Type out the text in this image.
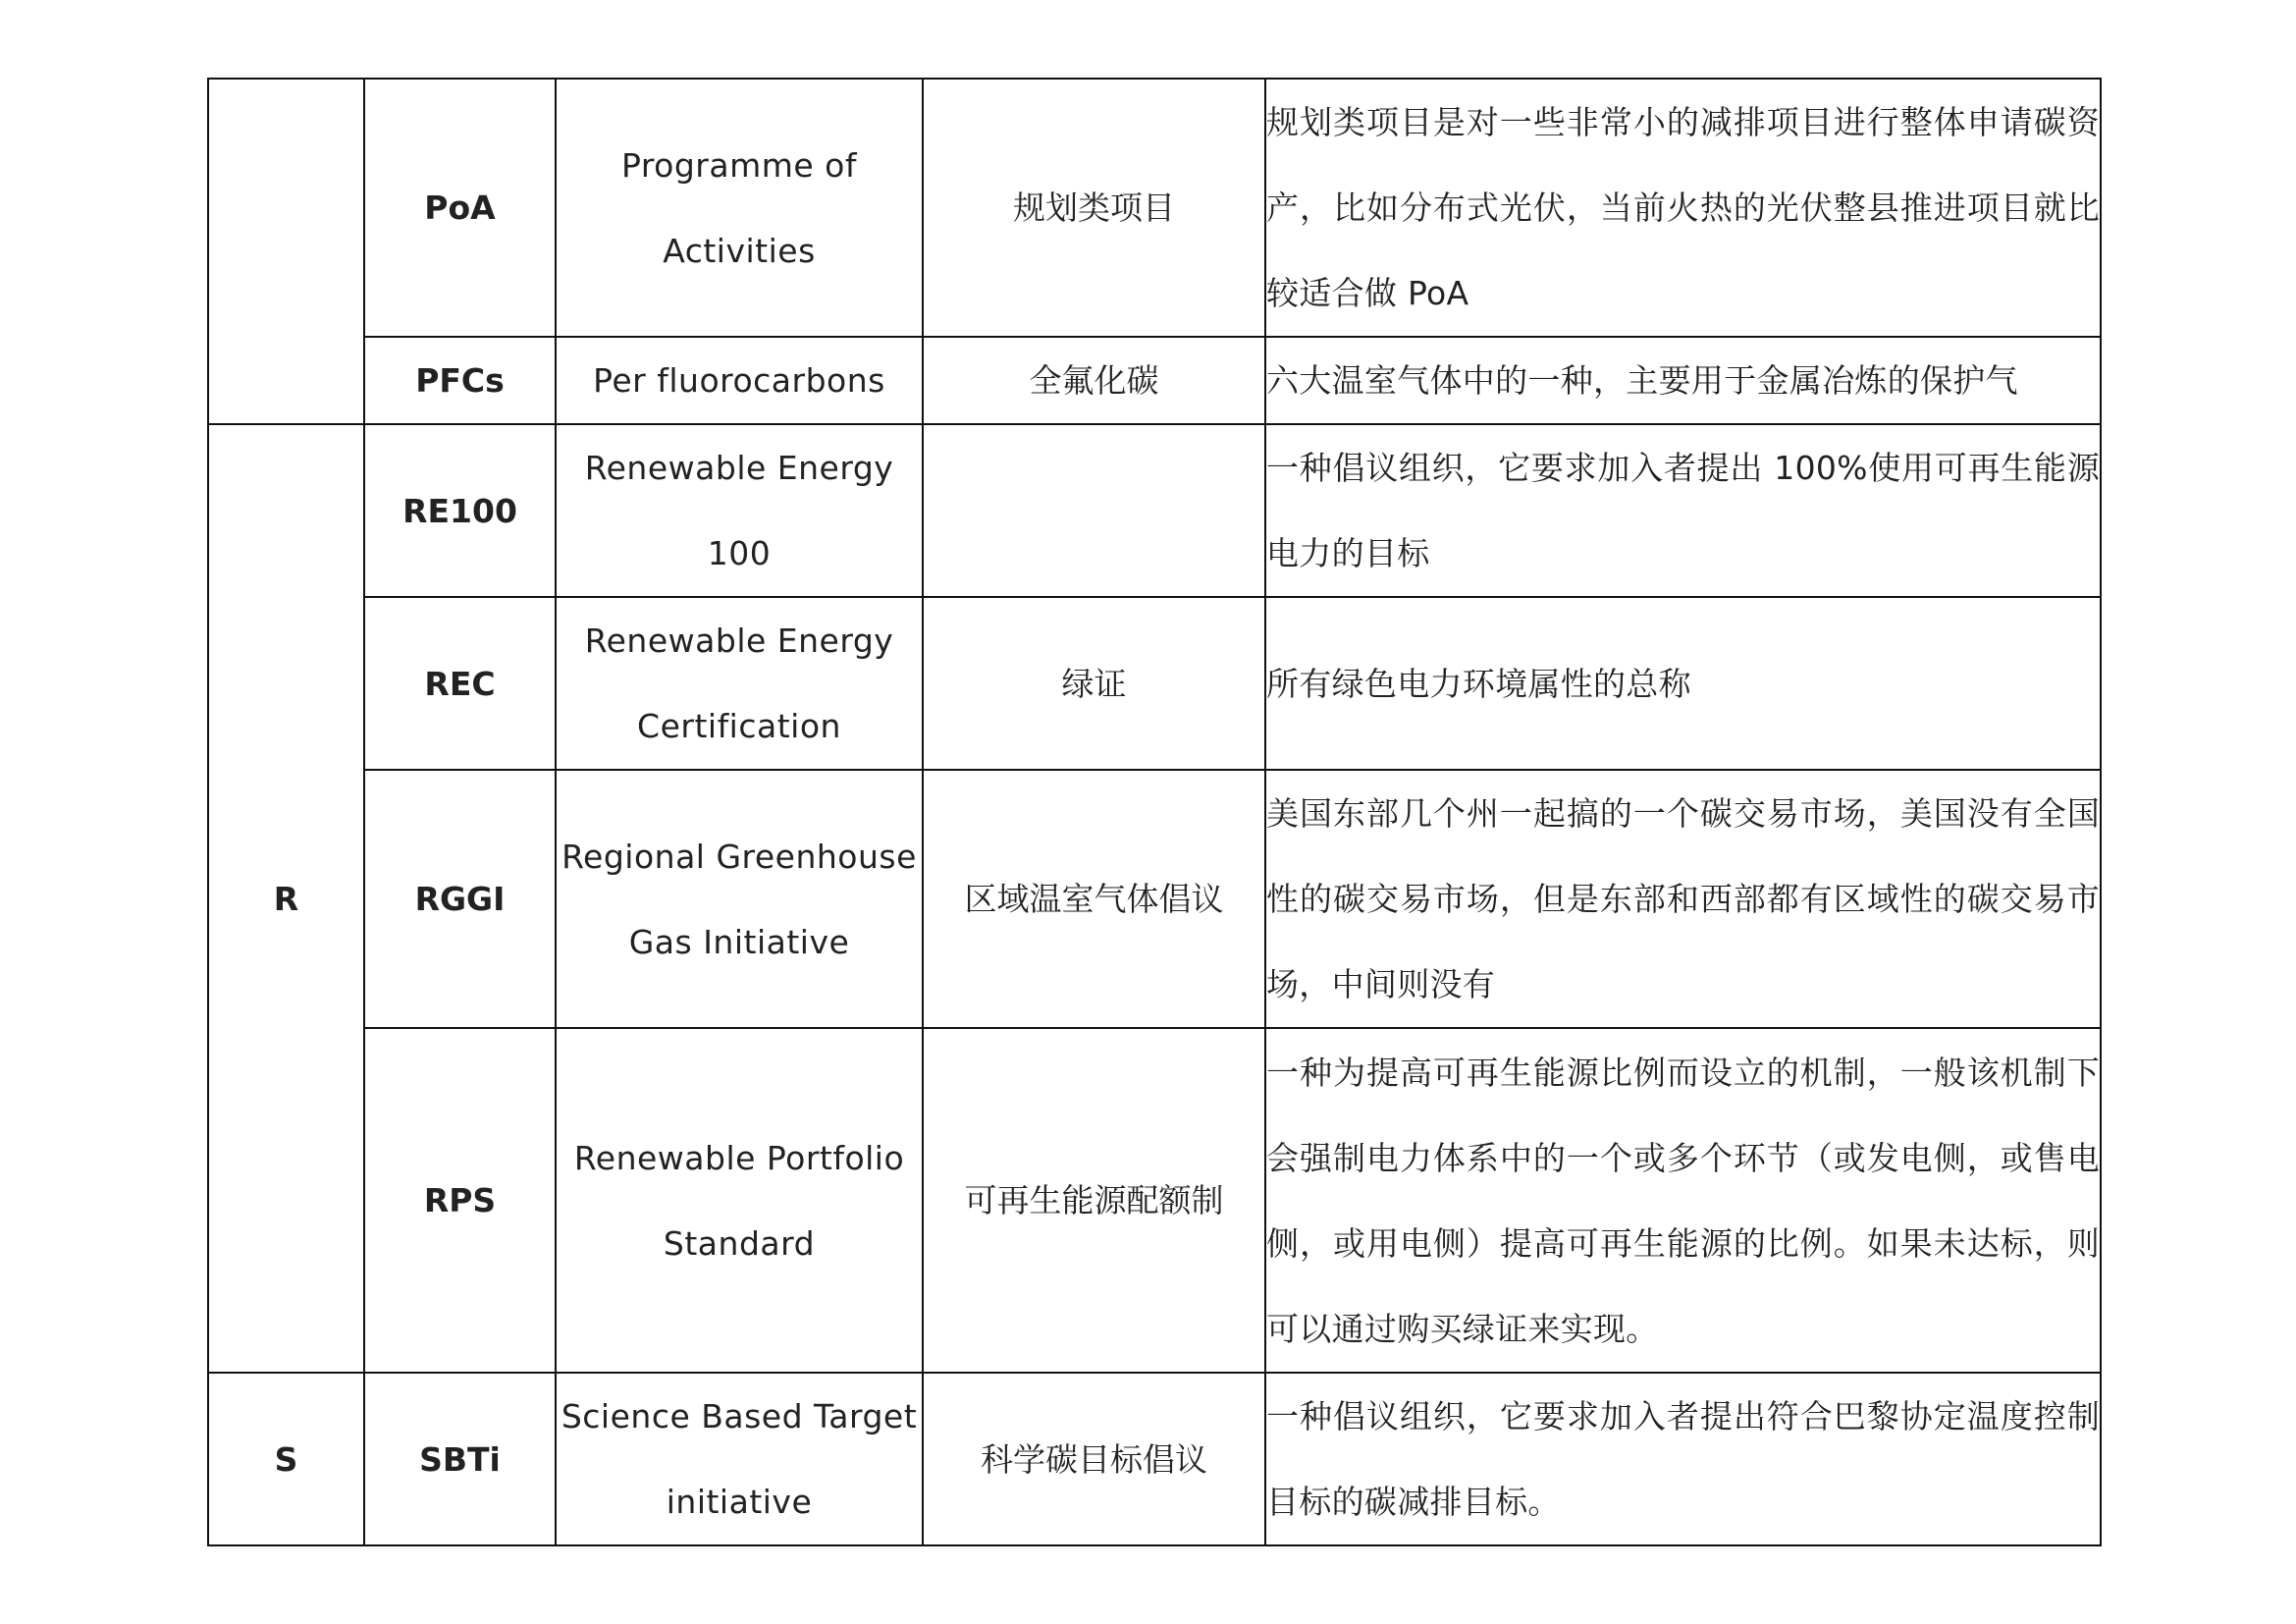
	PoA	Programme of Activities	规划类项目	规划类项目是对一些非常小的减排项目进行整体申请碳资产，比如分布式光伏，当前火热的光伏整县推进项目就比较适合做 PoA
	PFCs	Per fluorocarbons	全氟化碳	六大温室气体中的一种，主要用于金属冶炼的保护气
R	RE100	Renewable Energy 100		一种倡议组织，它要求加入者提出 100%使用可再生能源电力的目标
	REC	Renewable Energy Certification	绿证	所有绿色电力环境属性的总称
	RGGI	Regional Greenhouse Gas Initiative	区域温室气体倡议	美国东部几个州一起搞的一个碳交易市场，美国没有全国性的碳交易市场，但是东部和西部都有区域性的碳交易市场，中间则没有
	RPS	Renewable Portfolio Standard	可再生能源配额制	一种为提高可再生能源比例而设立的机制，一般该机制下会强制电力体系中的一个或多个环节（或发电侧，或售电侧，或用电侧）提高可再生能源的比例。如果未达标，则可以通过购买绿证来实现。
S	SBTi	Science Based Target initiative	科学碳目标倡议	一种倡议组织，它要求加入者提出符合巴黎协定温度控制目标的碳减排目标。
